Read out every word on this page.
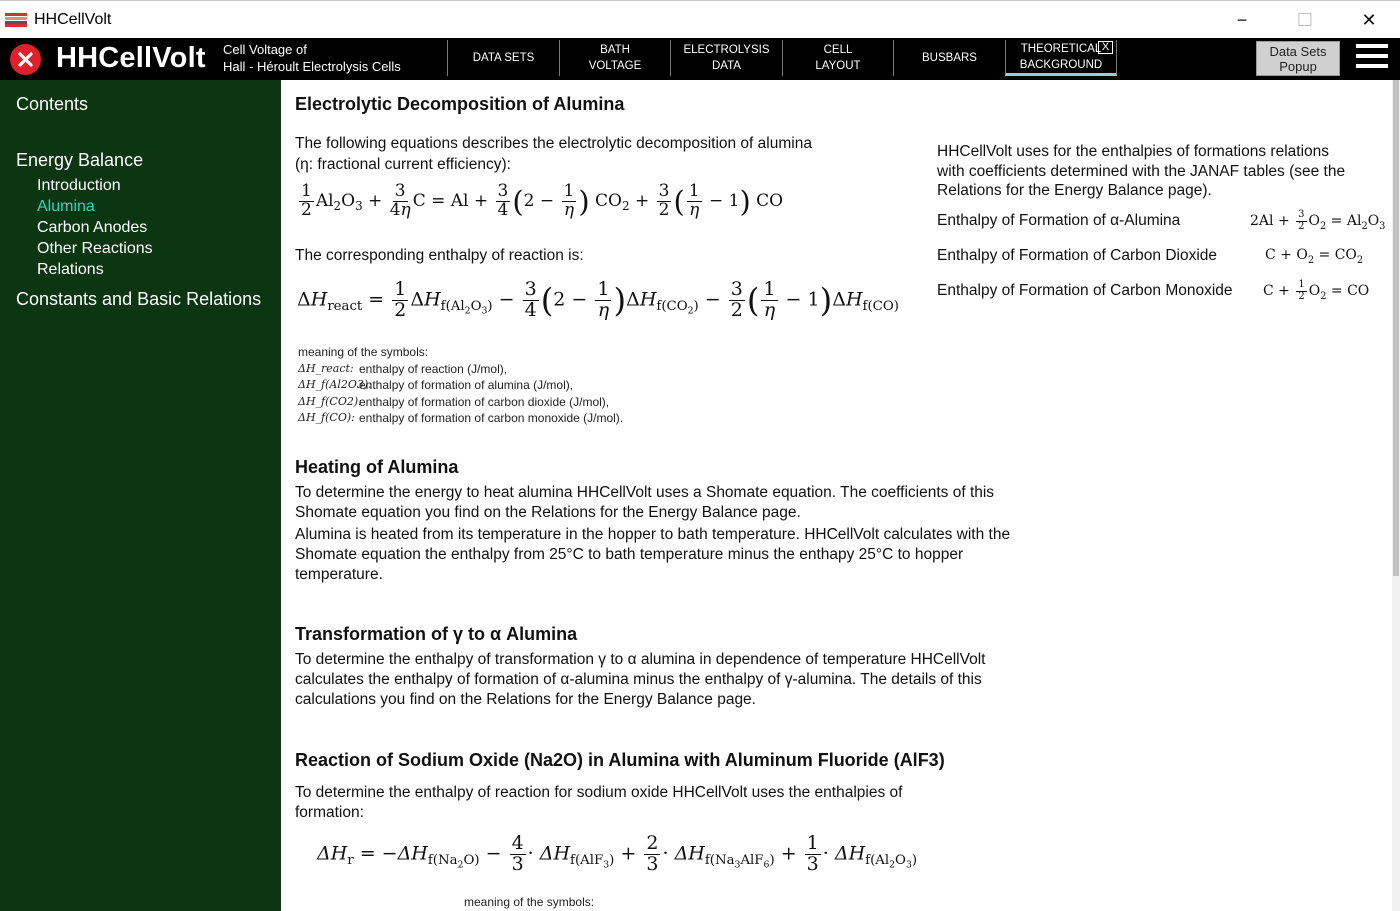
HHCellVolt	−	☐	✕
HHCellVolt Cell Voltage of
Hall - Héroult Electrolysis Cells
DATA SETS
BATH
VOLTAGE
ELECTROLYSIS
DATA
CELL
LAYOUT
BUSBARS
THEORETICAL
BACKGROUND
X	Data Sets
Popup
Contents
Energy Balance
Introduction
Alumina
Carbon Anodes
Other Reactions
Relations
Constants and Basic Relations
Electrolytic Decomposition of Alumina
The following equations describes the electrolytic decomposition of alumina
(η: fractional current efficiency):
$\frac{1}{2} Al_2O_3 + \frac{3}{4\eta}$ $C = Al + \frac{3}{4} (2 - \frac{1}{\eta}$ ) $CO_2 + \frac{3}{2}$ ( $\frac{1}{\eta} - 1$) CO
The corresponding enthalpy of reaction is:
$\Delta H_{react} = \frac{1}{2} \Delta H_{f(Al_2O_3)} - \frac{3}{4} (2 - \frac{1}{\eta} )\Delta H_{f(CO_2)} - \frac{3}{2}$ ( $\frac{1}{\eta} - 1)\Delta H_{f(CO)}$
meaning of the symbols:
ΔH_react: enthalpy of reaction (J/mol),
ΔH_f(Al2O3):
enthalpy of formation of alumina (J/mol),
ΔH_f(CO2):
enthalpy of formation of carbon dioxide (J/mol),
ΔH_f(CO): enthalpy of formation of carbon monoxide (J/mol).
HHCellVolt uses for the enthalpies of formations relations
with coefficients determined with the JANAF tables (see the
Relations for the Energy Balance page).
Enthalpy of Formation of α-Alumina	$2Al + \frac{3}{2} O_2 = Al_2O_3$
Enthalpy of Formation of Carbon Dioxide	$C + O_2 = CO_2$
Enthalpy of Formation of Carbon Monoxide $C + \frac{1}{2} O_2$ = CO
Heating of Alumina
To determine the energy to heat alumina HHCellVolt uses a Shomate equation. The coefficients of this
Shomate equation you find on the Relations for the Energy Balance page.
Alumina is heated from its temperature in the hopper to bath temperature. HHCellVolt calculates with the
Shomate equation the enthalpy from 25°C to bath temperature minus the enthapy 25°C to hopper
temperature.
Transformation of γ to α Alumina
To determine the enthalpy of transformation γ to α alumina in dependence of temperature HHCellVolt
calculates the enthalpy of formation of α-alumina minus the enthalpy of γ-alumina. The details of this
calculations you find on the Relations for the Energy Balance page.
Reaction of Sodium Oxide (Na2O) in Alumina with Aluminum Fluoride (AlF3)
To determine the enthalpy of reaction for sodium oxide HHCellVolt uses the enthalpies of
formation:
$\Delta H_r = -\Delta H_{f(Na_2O)} - \frac{4}{3} \cdot \Delta H_{f(AlF_3)} + \frac{2}{3} \cdot \Delta H_{f(Na_3AlF_6)} + \frac{1}{3} \cdot \Delta H_{f(Al_2O_3)}$
meaning of the symbols:
